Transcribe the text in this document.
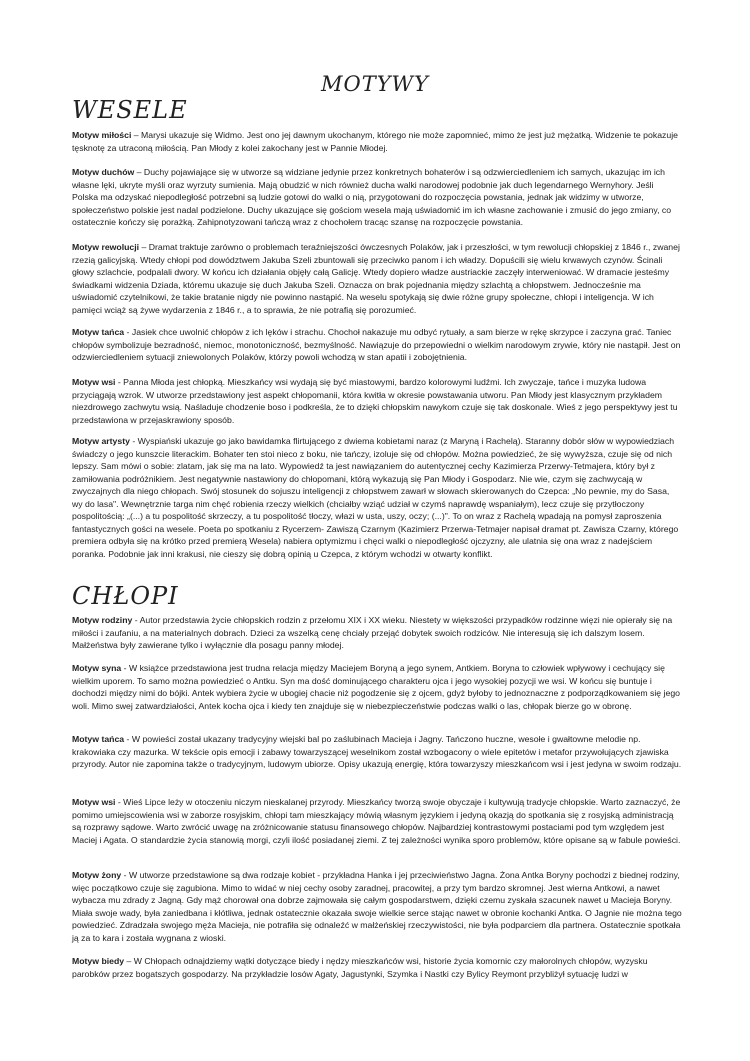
MOTYWY
WESELE

Motyw miłości – Marysi ukazuje się Widmo. Jest ono jej dawnym ukochanym, którego nie może zapomnieć, mimo że jest już mężatką. Widzenie te pokazuje tęsknotę za utraconą miłością. Pan Młody z kolei zakochany jest w Pannie Młodej.

Motyw duchów – Duchy pojawiające się w utworze są widziane jedynie przez konkretnych bohaterów i są odzwierciedleniem ich samych, ukazując im ich własne lęki, ukryte myśli oraz wyrzuty sumienia. Mają obudzić w nich również ducha walki narodowej podobnie jak duch legendarnego Wernyhory. Jeśli Polska ma odzyskać niepodległość potrzebni są ludzie gotowi do walki o nią, przygotowani do rozpoczęcia powstania, jednak jak widzimy w utworze, społeczeństwo polskie jest nadal podzielone. Duchy ukazujące się gościom wesela mają uświadomić im ich własne zachowanie i zmusić do jego zmiany, co ostatecznie kończy się porażką. Zahipnotyzowani tańczą wraz z chochołem tracąc szansę na rozpoczęcie powstania.

Motyw rewolucji – Dramat traktuje zarówno o problemach teraźniejszości ówczesnych Polaków, jak i przeszłości, w tym rewolucji chłopskiej z 1846 r., zwanej rzezią galicyjską. Wtedy chłopi pod dowództwem Jakuba Szeli zbuntowali się przeciwko panom i ich władzy. Dopuścili się wielu krwawych czynów. Ścinali głowy szlachcie, podpalali dwory. W końcu ich działania objęły całą Galicję. Wtedy dopiero władze austriackie zaczęły interweniować. W dramacie jesteśmy świadkami widzenia Dziada, któremu ukazuje się duch Jakuba Szeli. Oznacza on brak pojednania między szlachtą a chłopstwem. Jednocześnie ma uświadomić czytelnikowi, że takie bratanie nigdy nie powinno nastąpić. Na weselu spotykają się dwie różne grupy społeczne, chłopi i inteligencja. W ich pamięci wciąż są żywe wydarzenia z 1846 r., a to sprawia, że nie potrafią się porozumieć.

Motyw tańca - Jasiek chce uwolnić chłopów z ich lęków i strachu. Chochoł nakazuje mu odbyć rytuały, a sam bierze w rękę skrzypce i zaczyna grać. Taniec chłopów symbolizuje bezradność, niemoc, monotoniczność, bezmyślność. Nawiązuje do przepowiedni o wielkim narodowym zrywie, który nie nastąpił. Jest on odzwierciedleniem sytuacji zniewolonych Polaków, którzy powoli wchodzą w stan apatii i zobojętnienia.

Motyw wsi - Panna Młoda jest chłopką. Mieszkańcy wsi wydają się być miastowymi, bardzo kolorowymi ludźmi. Ich zwyczaje, tańce i muzyka ludowa przyciągają wzrok. W utworze przedstawiony jest aspekt chłopomanii, która kwitła w okresie powstawania utworu. Pan Młody jest klasycznym przykładem niezdrowego zachwytu wsią. Naśladuje chodzenie boso i podkreśla, że to dzięki chłopskim nawykom czuje się tak doskonale. Wieś z jego perspektywy jest tu przedstawiona w przejaskrawiony sposób.

Motyw artysty - Wyspiański ukazuje go jako bawidamka flirtującego z dwiema kobietami naraz (z Maryną i Rachelą). Staranny dobór słów w wypowiedziach świadczy o jego kunszcie literackim. Bohater ten stoi nieco z boku, nie tańczy, izoluje się od chłopów. Można powiedzieć, że się wywyższa, czuje się od nich lepszy. Sam mówi o sobie: zlatam, jak się ma na lato. Wypowiedź ta jest nawiązaniem do autentycznej cechy Kazimierza Przerwy-Tetmajera, który był z zamiłowania podróżnikiem. Jest negatywnie nastawiony do chłopomani, którą wykazują się Pan Młody i Gospodarz. Nie wie, czym się zachwycają w zwyczajnych dla niego chłopach. Swój stosunek do sojuszu inteligencji z chłopstwem zawarł w słowach skierowanych do Czepca: „No pewnie, my do Sasa, wy do lasa". Wewnętrznie targa nim chęć robienia rzeczy wielkich (chciałby wziąć udział w czymś naprawdę wspaniałym), lecz czuje się przytłoczony pospolitością: „(...) a tu pospolitość skrzeczy, a tu pospolitość tłoczy, włazi w usta, uszy, oczy; (...)". To on wraz z Rachelą wpadają na pomysł zaproszenia fantastycznych gości na wesele. Poeta po spotkaniu z Rycerzem- Zawiszą Czarnym (Kazimierz Przerwa-Tetmajer napisał dramat pt. Zawisza Czarny, którego premiera odbyła się na krótko przed premierą Wesela) nabiera optymizmu i chęci walki o niepodległość ojczyzny, ale ulatnia się ona wraz z nadejściem poranka. Podobnie jak inni krakusi, nie cieszy się dobrą opinią u Czepca, z którym wchodzi w otwarty konflikt.

CHŁOPI

Motyw rodziny - Autor przedstawia życie chłopskich rodzin z przełomu XIX i XX wieku. Niestety w większości przypadków rodzinne więzi nie opierały się na miłości i zaufaniu, a na materialnych dobrach. Dzieci za wszelką cenę chciały przejąć dobytek swoich rodziców. Nie interesują się ich dalszym losem. Małżeństwa były zawierane tylko i wyłącznie dla posagu panny młodej.

Motyw syna - W książce przedstawiona jest trudna relacja między Maciejem Boryną a jego synem, Antkiem. Boryna to człowiek wpływowy i cechujący się wielkim uporem. To samo można powiedzieć o Antku. Syn ma dość dominującego charakteru ojca i jego wysokiej pozycji we wsi. W końcu się buntuje i dochodzi między nimi do bójki. Antek wybiera życie w ubogiej chacie niż pogodzenie się z ojcem, gdyż byłoby to jednoznaczne z podporządkowaniem się jego woli. Mimo swej zatwardziałości, Antek kocha ojca i kiedy ten znajduje się w niebezpieczeństwie podczas walki o las, chłopak bierze go w obronę.

Motyw tańca - W powieści został ukazany tradycyjny wiejski bal po zaślubinach Macieja i Jagny. Tańczono huczne, wesołe i gwałtowne melodie np. krakowiaka czy mazurka. W tekście opis emocji i zabawy towarzyszącej weselnikom został wzbogacony o wiele epitetów i metafor przywołujących zjawiska przyrody. Autor nie zapomina także o tradycyjnym, ludowym ubiorze. Opisy ukazują energię, która towarzyszy mieszkańcom wsi i jest jedyna w swoim rodzaju.

Motyw wsi - Wieś Lipce leży w otoczeniu niczym nieskalanej przyrody. Mieszkańcy tworzą swoje obyczaje i kultywują tradycje chłopskie. Warto zaznaczyć, że pomimo umiejscowienia wsi w zaborze rosyjskim, chłopi tam mieszkający mówią własnym językiem i jedyną okazją do spotkania się z rosyjską administracją są rozprawy sądowe. Warto zwrócić uwagę na zróżnicowanie statusu finansowego chłopów. Najbardziej kontrastowymi postaciami pod tym względem jest Maciej i Agata. O standardzie życia stanowią morgi, czyli ilość posiadanej ziemi. Z tej zależności wynika sporo problemów, które opisane są w fabule powieści.

Motyw żony - W utworze przedstawione są dwa rodzaje kobiet - przykładna Hanka i jej przeciwieństwo Jagna. Żona Antka Boryny pochodzi z biednej rodziny, więc początkowo czuje się zagubiona. Mimo to widać w niej cechy osoby zaradnej, pracowitej, a przy tym bardzo skromnej. Jest wierna Antkowi, a nawet wybacza mu zdrady z Jagną. Gdy mąż chorował ona dobrze zajmowała się całym gospodarstwem, dzięki czemu zyskała szacunek nawet u Macieja Boryny. Miała swoje wady, była zaniedbana i kłótliwa, jednak ostatecznie okazała swoje wielkie serce stając nawet w obronie kochanki Antka. O Jagnie nie można tego powiedzieć. Zdradzała swojego męża Macieja, nie potrafiła się odnaleźć w małżeńskiej rzeczywistości, nie była podparciem dla partnera. Ostatecznie spotkała ją za to kara i została wygnana z wioski.

Motyw biedy – W Chłopach odnajdziemy wątki dotyczące biedy i nędzy mieszkańców wsi, historie życia komornic czy małorolnych chłopów, wyzysku parobków przez bogatszych gospodarzy. Na przykładzie losów Agaty, Jagustynki, Szymka i Nastki czy Bylicy Reymont przybliżył sytuację ludzi w
